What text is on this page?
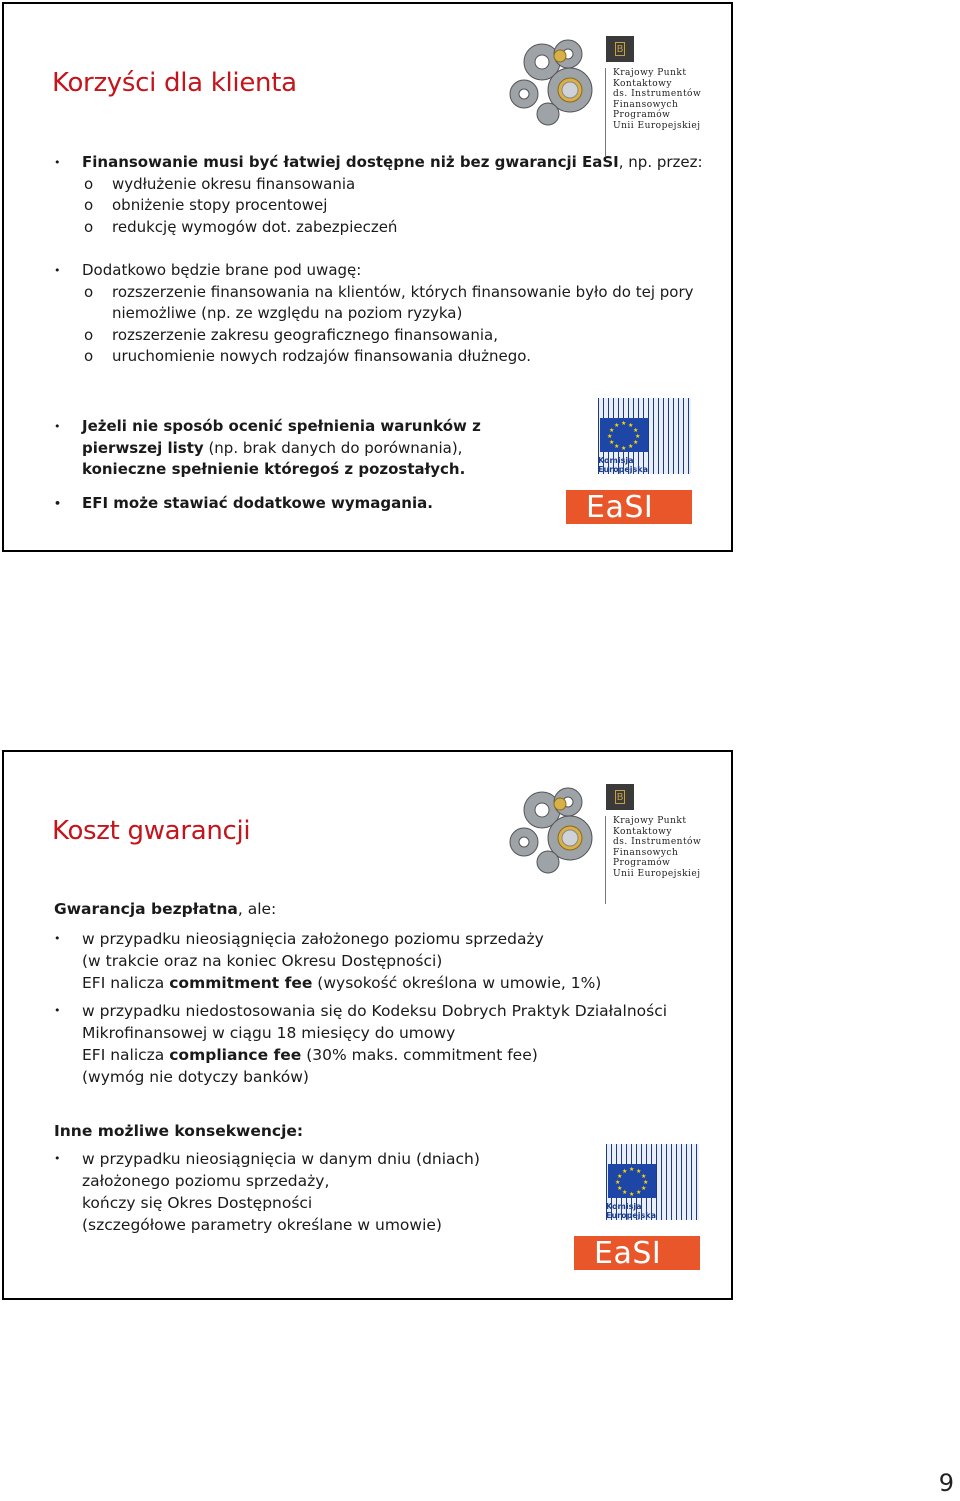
Korzyści dla klienta
B
Krajowy Punkt
Kontaktowy
ds. Instrumentów
Finansowych
Programów
Unii Europejskiej
• Finansowanie musi być łatwiej dostępne niż bez gwarancji EaSI, np. przez:
o wydłużenie okresu finansowania
o obniżenie stopy procentowej
o redukcję wymogów dot. zabezpieczeń
• Dodatkowo będzie brane pod uwagę:
o rozszerzenie finansowania na klientów, których finansowanie było do tej pory niemożliwe (np. ze względu na poziom ryzyka)
o rozszerzenie zakresu geograficznego finansowania,
o uruchomienie nowych rodzajów finansowania dłużnego.
• Jeżeli nie sposób ocenić spełnienia warunków z pierwszej listy (np. brak danych do porównania), konieczne spełnienie któregoś z pozostałych.
• EFI może stawiać dodatkowe wymagania.
★ ★
★
★
★
★
★
★
★
★
★
★
Komisja
Europejska
EaSI
Koszt gwarancji
B
Krajowy Punkt
Kontaktowy
ds. Instrumentów
Finansowych
Programów
Unii Europejskiej
Gwarancja bezpłatna, ale:
• w przypadku nieosiągnięcia założonego poziomu sprzedaży
(w trakcie oraz na koniec Okresu Dostępności)
EFI nalicza commitment fee (wysokość określona w umowie, 1%)
• w przypadku niedostosowania się do Kodeksu Dobrych Praktyk Działalności Mikrofinansowej w ciągu 18 miesięcy do umowy
EFI nalicza compliance fee (30% maks. commitment fee)
(wymóg nie dotyczy banków)
Inne możliwe konsekwencje:
• w przypadku nieosiągnięcia w danym dniu (dniach) założonego poziomu sprzedaży,
kończy się Okres Dostępności
(szczegółowe parametry określane w umowie)
★ ★
★
★
★
★
★
★
★
★
★
★
Komisja
Europejska
EaSI
9
